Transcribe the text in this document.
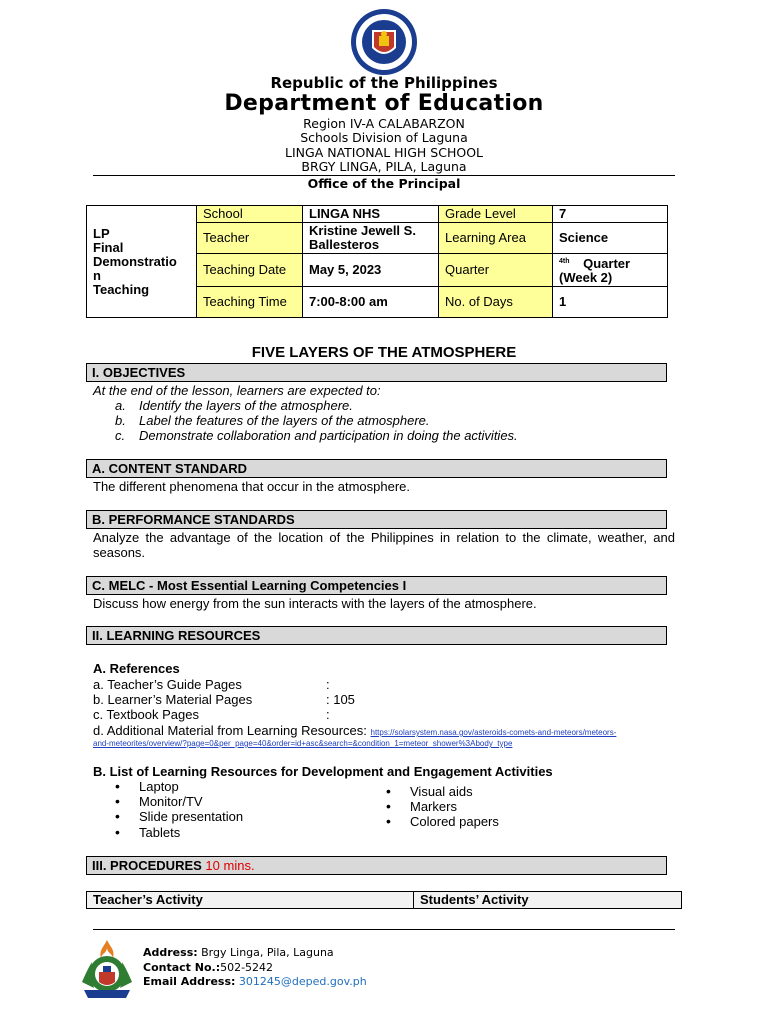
Republic of the Philippines
Department of Education
Region IV-A CALABARZON
Schools Division of Laguna
LINGA NATIONAL HIGH SCHOOL
BRGY LINGA, PILA, Laguna
Office of the Principal
LP
Final
Demonstratio
n
Teaching	School	LINGA NHS	Grade Level	7
	Teacher	Kristine Jewell S. Ballesteros	Learning Area	Science
	Teaching Date	May 5, 2023	Quarter	$^{4th}$ Quarter
(Week 2)
	Teaching Time	7:00-8:00 am	No. of Days	1
FIVE LAYERS OF THE ATMOSPHERE
I. OBJECTIVES
At the end of the lesson, learners are expected to:
a. Identify the layers of the atmosphere.
b. Label the features of the layers of the atmosphere.
c. Demonstrate collaboration and participation in doing the activities.
A. CONTENT STANDARD
The different phenomena that occur in the atmosphere.
B. PERFORMANCE STANDARDS
Analyze the advantage of the location of the Philippines in relation to the climate, weather, and seasons.
C. MELC - Most Essential Learning Competencies I
Discuss how energy from the sun interacts with the layers of the atmosphere.
II. LEARNING RESOURCES
A. References
a. Teacher’s Guide Pages	:
b. Learner’s Material Pages	: 105
c. Textbook Pages	:
d. Additional Material from Learning Resources: https://solarsystem.nasa.gov/asteroids-comets-and-meteors/meteors-
and-meteorites/overview/?page=0&per_page=40&order=id+asc&search=&condition_1=meteor_shower%3Abody_type
B. List of Learning Resources for Development and Engagement Activities
• Laptop
• Monitor/TV
• Slide presentation
• Tablets
• Visual aids
• Markers
• Colored papers
III. PROCEDURES 10 mins.
Teacher’s Activity	Students’ Activity
Address: Brgy Linga, Pila, Laguna
Contact No.:502-5242
Email Address: 301245@deped.gov.ph
